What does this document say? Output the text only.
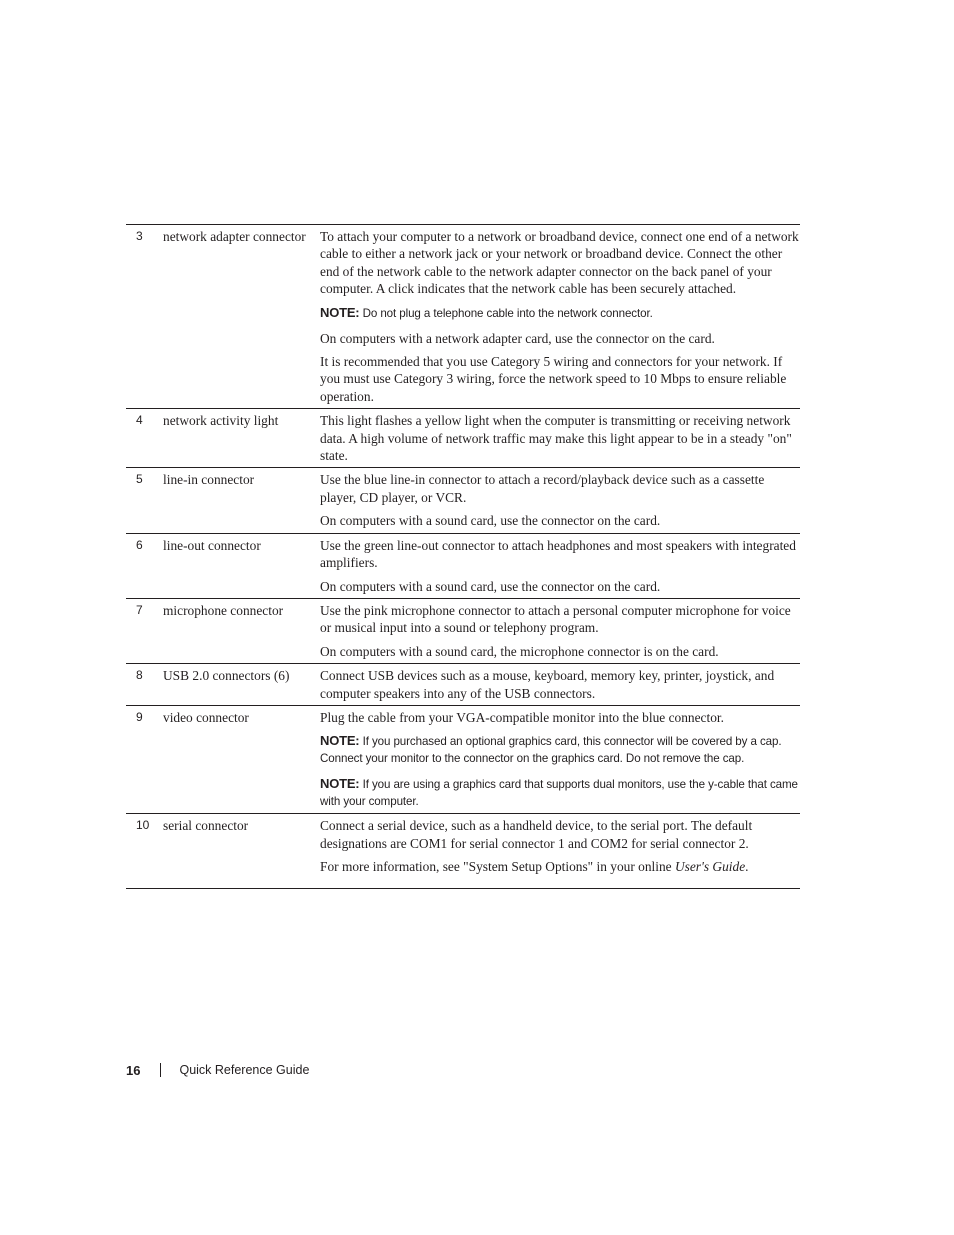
3	network adapter connector	To attach your computer to a network or broadband device, connect one end of a network cable to either a network jack or your network or broadband device. Connect the other end of the network cable to the network adapter connector on the back panel of your computer. A click indicates that the network cable has been securely attached.

NOTE: Do not plug a telephone cable into the network connector.

On computers with a network adapter card, use the connector on the card.

It is recommended that you use Category 5 wiring and connectors for your network. If you must use Category 3 wiring, force the network speed to 10 Mbps to ensure reliable operation.

4	network activity light	This light flashes a yellow light when the computer is transmitting or receiving network data. A high volume of network traffic may make this light appear to be in a steady "on" state.

5	line-in connector	Use the blue line-in connector to attach a record/playback device such as a cassette player, CD player, or VCR.

On computers with a sound card, use the connector on the card.

6	line-out connector	Use the green line-out connector to attach headphones and most speakers with integrated amplifiers.

On computers with a sound card, use the connector on the card.

7	microphone connector	Use the pink microphone connector to attach a personal computer microphone for voice or musical input into a sound or telephony program.

On computers with a sound card, the microphone connector is on the card.

8	USB 2.0 connectors (6)	Connect USB devices such as a mouse, keyboard, memory key, printer, joystick, and computer speakers into any of the USB connectors.

9	video connector	Plug the cable from your VGA-compatible monitor into the blue connector.

NOTE: If you purchased an optional graphics card, this connector will be covered by a cap. Connect your monitor to the connector on the graphics card. Do not remove the cap.

NOTE: If you are using a graphics card that supports dual monitors, use the y-cable that came with your computer.

10	serial connector	Connect a serial device, such as a handheld device, to the serial port. The default designations are COM1 for serial connector 1 and COM2 for serial connector 2.

For more information, see "System Setup Options" in your online User's Guide.

16	Quick Reference Guide
